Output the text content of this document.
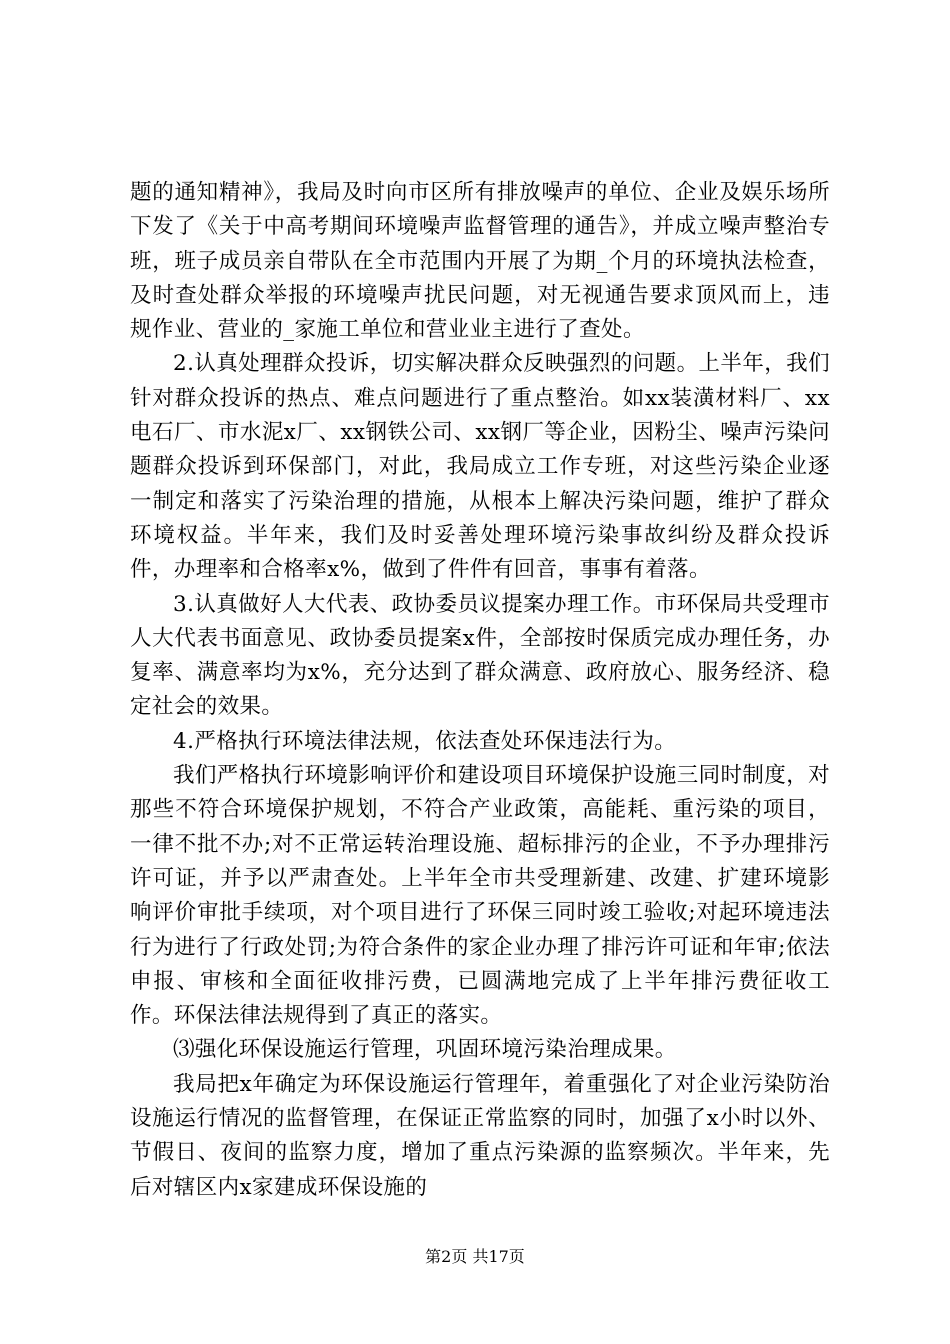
题的通知精神》，我局及时向市区所有排放噪声的单位、企业及娱乐场所下发了《关于中高考期间环境噪声监督管理的通告》，并成立噪声整治专班，班子成员亲自带队在全市范围内开展了为期_个月的环境执法检查，及时查处群众举报的环境噪声扰民问题，对无视通告要求顶风而上，违规作业、营业的_家施工单位和营业业主进行了查处。

2.认真处理群众投诉，切实解决群众反映强烈的问题。上半年，我们针对群众投诉的热点、难点问题进行了重点整治。如xx装潢材料厂、xx电石厂、市水泥x厂、xx钢铁公司、xx钢厂等企业，因粉尘、噪声污染问题群众投诉到环保部门，对此，我局成立工作专班，对这些污染企业逐一制定和落实了污染治理的措施，从根本上解决污染问题，维护了群众环境权益。半年来，我们及时妥善处理环境污染事故纠纷及群众投诉件，办理率和合格率x%，做到了件件有回音，事事有着落。

3.认真做好人大代表、政协委员议提案办理工作。市环保局共受理市人大代表书面意见、政协委员提案x件，全部按时保质完成办理任务，办复率、满意率均为x%，充分达到了群众满意、政府放心、服务经济、稳定社会的效果。

4.严格执行环境法律法规，依法查处环保违法行为。

我们严格执行环境影响评价和建设项目环境保护设施三同时制度，对那些不符合环境保护规划，不符合产业政策，高能耗、重污染的项目，一律不批不办;对不正常运转治理设施、超标排污的企业，不予办理排污许可证，并予以严肃查处。上半年全市共受理新建、改建、扩建环境影响评价审批手续项，对个项目进行了环保三同时竣工验收;对起环境违法行为进行了行政处罚;为符合条件的家企业办理了排污许可证和年审;依法申报、审核和全面征收排污费，已圆满地完成了上半年排污费征收工作。环保法律法规得到了真正的落实。

⑶强化环保设施运行管理，巩固环境污染治理成果。

我局把x年确定为环保设施运行管理年，着重强化了对企业污染防治设施运行情况的监督管理，在保证正常监察的同时，加强了x小时以外、节假日、夜间的监察力度，增加了重点污染源的监察频次。半年来，先后对辖区内x家建成环保设施的

第2页 共17页
